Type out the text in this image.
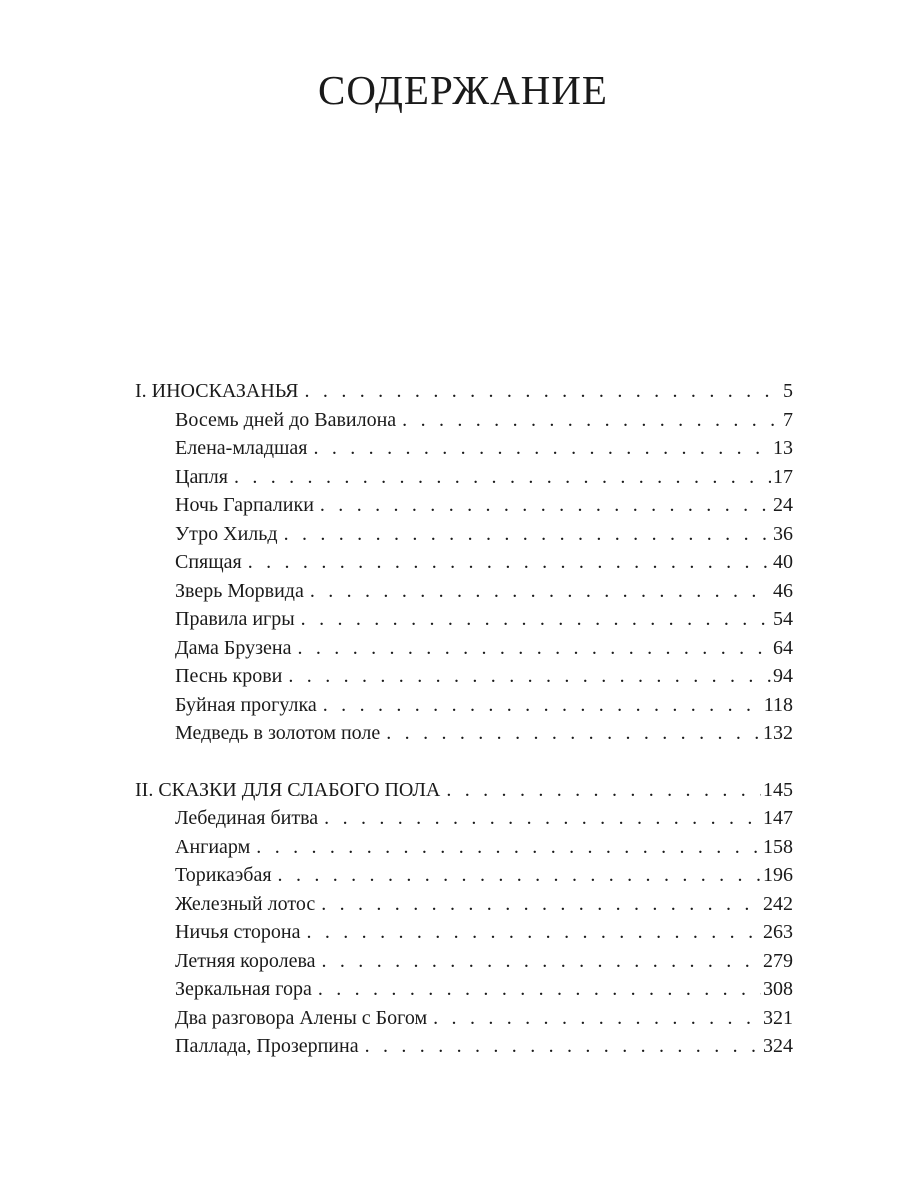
СОДЕРЖАНИЕ
I. ИНОСКАЗАНЬЯ . . .	5
Восемь дней до Вавилона . . .	7
Елена-младшая . . .	13
Цапля . . .	17
Ночь Гарпалики . . .	24
Утро Хильд . . .	36
Спящая . . .	40
Зверь Морвида . . .	46
Правила игры . . .	54
Дама Брузена . . .	64
Песнь крови . . .	94
Буйная прогулка . . .	118
Медведь в золотом поле . . .	132
II. СКАЗКИ ДЛЯ СЛАБОГО ПОЛА . . .	145
Лебединая битва . . .	147
Ангиарм . . .	158
Торикаэбая . . .	196
Железный лотос . . .	242
Ничья сторона . . .	263
Летняя королева . . .	279
Зеркальная гора . . .	308
Два разговора Алены с Богом . . .	321
Паллада, Прозерпина . . .	324
